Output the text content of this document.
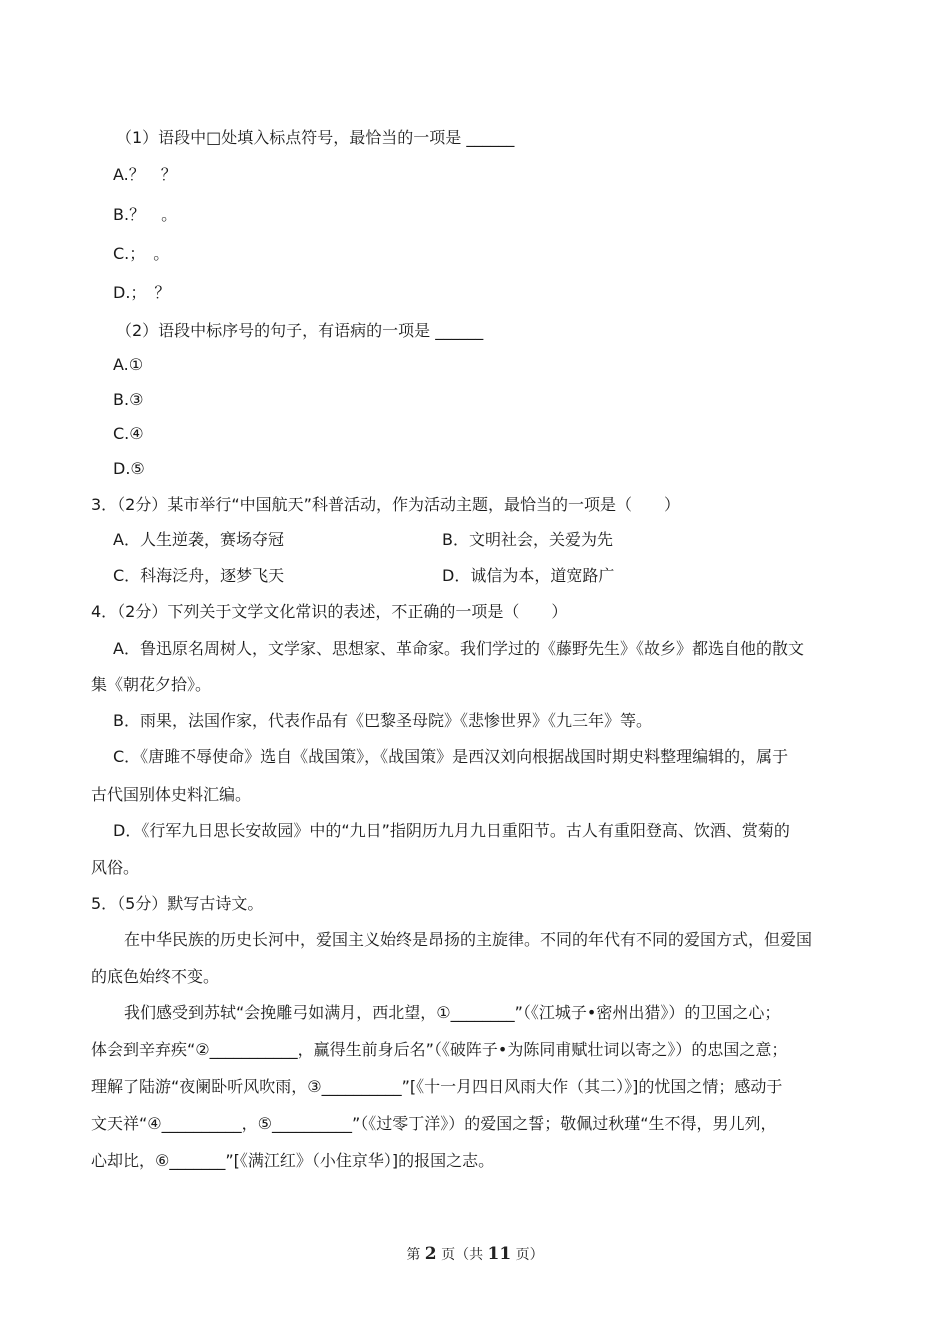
（1）语段中□处填入标点符号，最恰当的一项是 ______
A.？　？
B.？　。
C.；　。
D.；　？
（2）语段中标序号的句子，有语病的一项是 ______
A.①
B.③
C.④
D.⑤
3．（2分）某市举行“中国航天”科普活动，作为活动主题，最恰当的一项是（　　）
A．人生逆袭，赛场夺冠	B．文明社会，关爱为先
C．科海泛舟，逐梦飞天	D．诚信为本，道宽路广
4．（2分）下列关于文学文化常识的表述，不正确的一项是（　　）
A．鲁迅原名周树人，文学家、思想家、革命家。我们学过的《藤野先生》《故乡》都选自他的散文
集《朝花夕拾》。
B．雨果，法国作家，代表作品有《巴黎圣母院》《悲惨世界》《九三年》等。
C．《唐雎不辱使命》选自《战国策》，《战国策》是西汉刘向根据战国时期史料整理编辑的，属于
古代国别体史料汇编。
D．《行军九日思长安故园》中的“九日”指阴历九月九日重阳节。古人有重阳登高、饮酒、赏菊的
风俗。
5．（5分）默写古诗文。
在中华民族的历史长河中，爱国主义始终是昂扬的主旋律。不同的年代有不同的爱国方式，但爱国
的底色始终不变。
我们感受到苏轼“会挽雕弓如满月，西北望，①________”（《江城子•密州出猎》）的卫国之心；
体会到辛弃疾“②___________，赢得生前身后名”（《破阵子•为陈同甫赋壮词以寄之》）的忠国之意；
理解了陆游“夜阑卧听风吹雨，③__________”[《十一月四日风雨大作（其二）》]的忧国之情；感动于
文天祥“④__________，⑤__________”（《过零丁洋》）的爱国之誓；敬佩过秋瑾“生不得，男儿列，
心却比，⑥_______”[《满江红》（小住京华）]的报国之志。
第 2 页（共 11 页）
